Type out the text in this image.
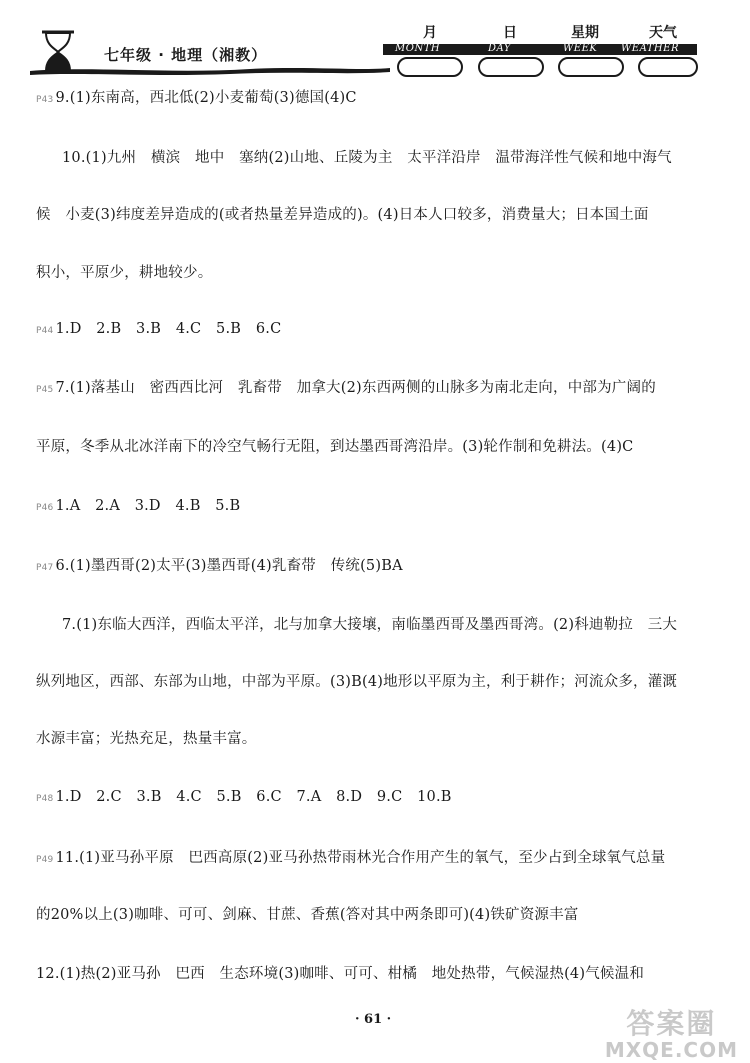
七年级 · 地理（湘教）
月	日	星期	天气
MONTH	DAY	WEEK WEATHER
P43 9.(1)东南高，西北低(2)小麦葡萄(3)德国(4)C
10.(1)九州　横滨　地中　塞纳(2)山地、丘陵为主　太平洋沿岸　温带海洋性气候和地中海气
候　小麦(3)纬度差异造成的(或者热量差异造成的)。(4)日本人口较多，消费量大；日本国土面
积小，平原少，耕地较少。
P44 1.D　2.B　3.B　4.C　5.B　6.C
P45 7.(1)落基山　密西西比河　乳畜带　加拿大(2)东西两侧的山脉多为南北走向，中部为广阔的
平原，冬季从北冰洋南下的冷空气畅行无阻，到达墨西哥湾沿岸。(3)轮作制和免耕法。(4)C
P46 1.A　2.A　3.D　4.B　5.B
P47 6.(1)墨西哥(2)太平(3)墨西哥(4)乳畜带　传统(5)BA
7.(1)东临大西洋，西临太平洋，北与加拿大接壤，南临墨西哥及墨西哥湾。(2)科迪勒拉　三大
纵列地区，西部、东部为山地，中部为平原。(3)B(4)地形以平原为主，利于耕作；河流众多，灌溉
水源丰富；光热充足，热量丰富。
P48 1.D　2.C　3.B　4.C　5.B　6.C　7.A　8.D　9.C　10.B
P49 11.(1)亚马孙平原　巴西高原(2)亚马孙热带雨林光合作用产生的氧气，至少占到全球氧气总量
的20%以上(3)咖啡、可可、剑麻、甘蔗、香蕉(答对其中两条即可)(4)铁矿资源丰富
12.(1)热(2)亚马孙　巴西　生态环境(3)咖啡、可可、柑橘　地处热带，气候湿热(4)气候温和
· 61 ·	答案圈
MXQE.COM
